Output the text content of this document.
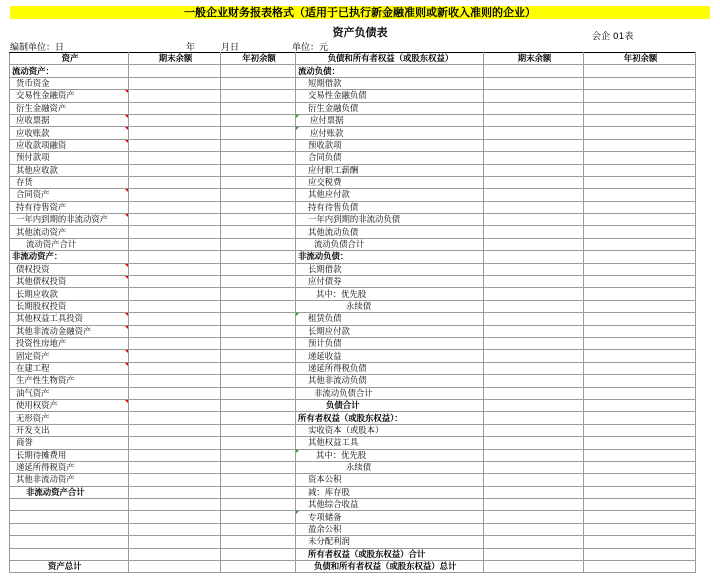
一般企业财务报表格式（适用于已执行新金融准则或新收入准则的企业）
资产负债表	会企 01表
编制单位：日	年	月日	单位：元
资产	期末余额	年初余额	负债和所有者权益（或股东权益）	期末余额	年初余额
流动资产：			流动负债：		
货币资金			短期借款		
交易性金融资产			交易性金融负债		
衍生金融资产			衍生金融负债		
应收票据			应付票据

应收账款			应付账款

应收款项融资			预收款项		
预付款项			合同负债		
其他应收款			应付职工薪酬		
存货			应交税费		
合同资产			其他应付款		
持有待售资产			持有待售负债		
一年内到期的非流动资产			一年内到期的非流动负债		
其他流动资产			其他流动负债		
流动资产合计			流动负债合计		
非流动资产：			非流动负债：		
债权投资			长期借款		
其他债权投资			应付债券		
长期应收款			其中：优先股		
长期股权投资			永续债		
其他权益工具投资			租赁负债

其他非流动金融资产			长期应付款		
投资性房地产			预计负债		
固定资产			递延收益		
在建工程			递延所得税负债		
生产性生物资产			其他非流动负债		
油气资产			非流动负债合计		
使用权资产			负债合计		
无形资产			所有者权益（或股东权益）：		
开发支出			实收资本（或股本）		
商誉			其他权益工具		
长期待摊费用			其中：优先股

递延所得税资产			永续债		
其他非流动资产			资本公积		
非流动资产合计			减：库存股		
			其他综合收益		
			专项储备

			盈余公积		
			未分配利润		
			所有者权益（或股东权益）合计		
资产总计			负债和所有者权益（或股东权益）总计		
